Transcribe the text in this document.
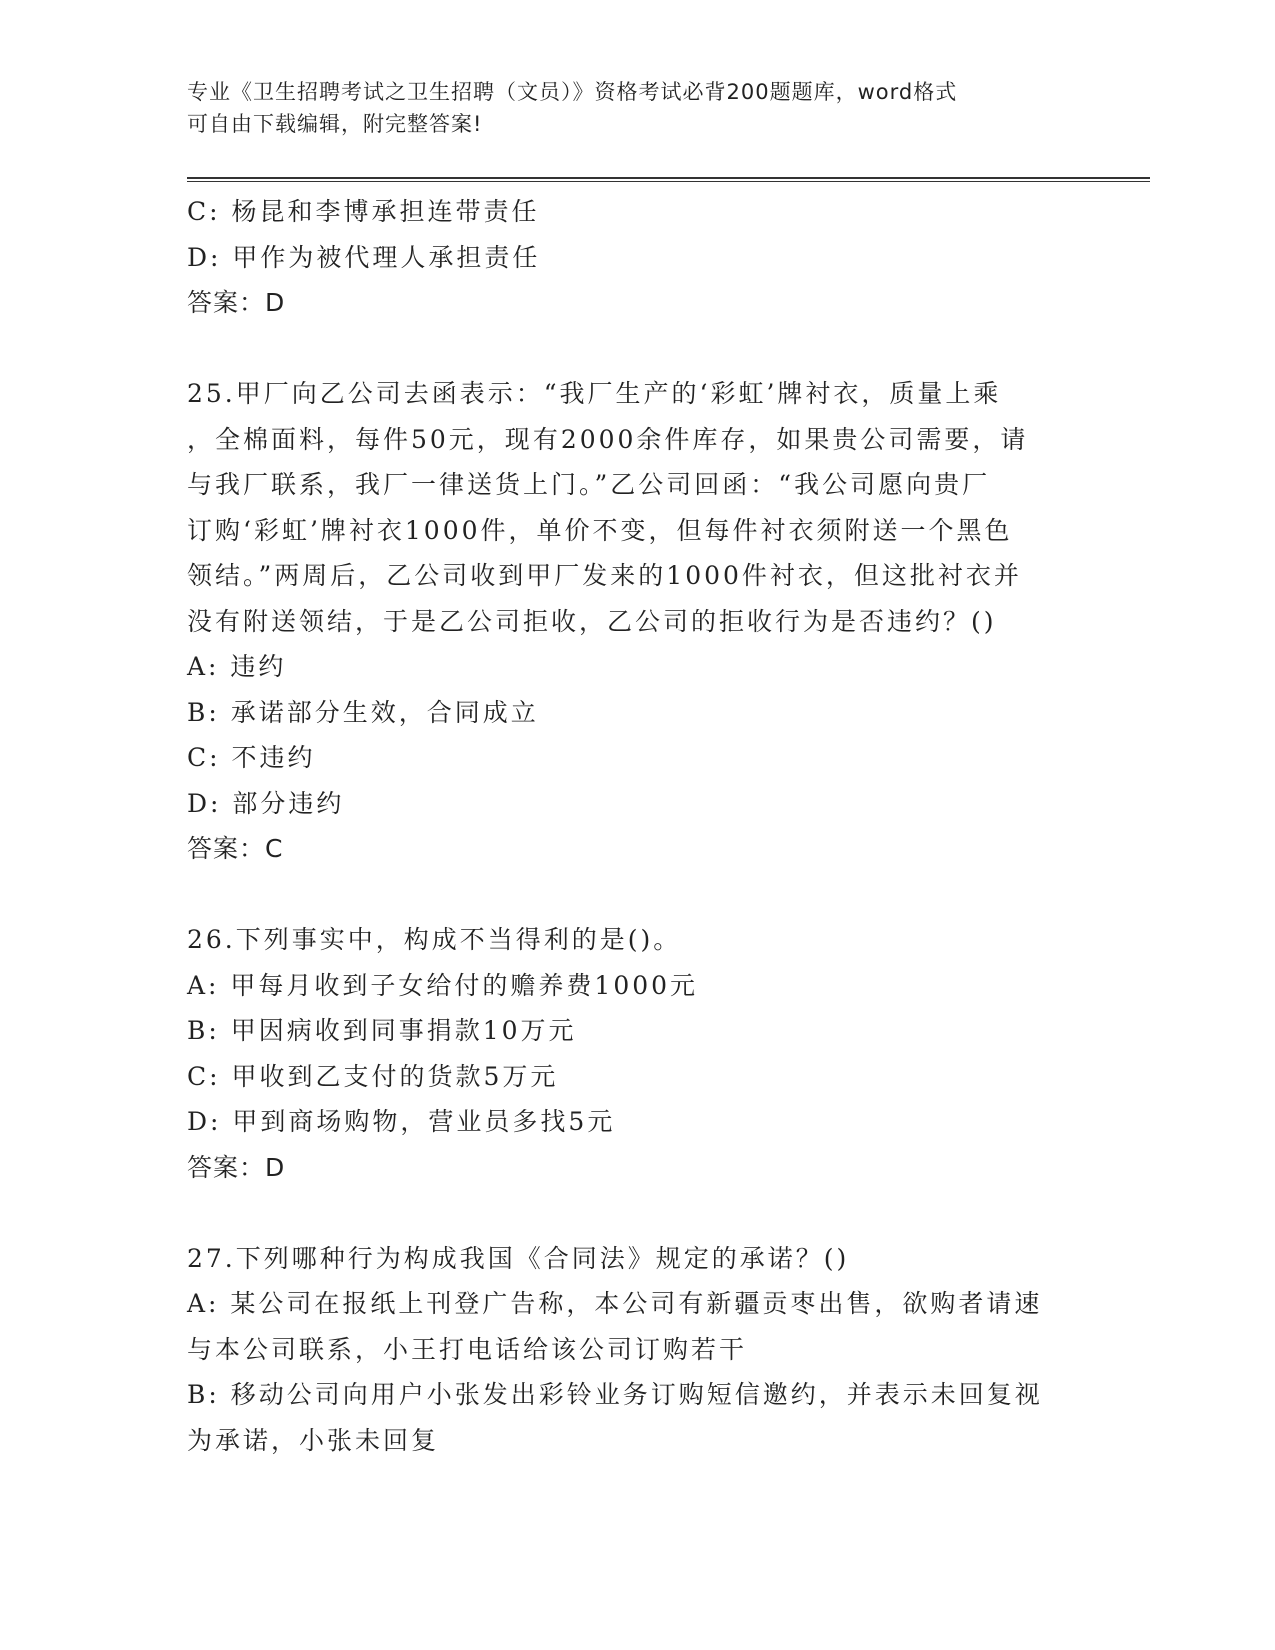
专业《卫生招聘考试之卫生招聘（文员）》资格考试必背200题题库，word格式
可自由下载编辑，附完整答案!
C: 杨昆和李博承担连带责任
D: 甲作为被代理人承担责任
答案：D
25.甲厂向乙公司去函表示：“我厂生产的‘彩虹’牌衬衣，质量上乘
，全棉面料，每件50元，现有2000余件库存，如果贵公司需要，请
与我厂联系，我厂一律送货上门。”乙公司回函：“我公司愿向贵厂
订购‘彩虹’牌衬衣1000件，单价不变，但每件衬衣须附送一个黑色
领结。”两周后，乙公司收到甲厂发来的1000件衬衣，但这批衬衣并
没有附送领结，于是乙公司拒收，乙公司的拒收行为是否违约？()
A: 违约
B: 承诺部分生效，合同成立
C: 不违约
D: 部分违约
答案：C
26.下列事实中，构成不当得利的是()。
A: 甲每月收到子女给付的赡养费1000元
B: 甲因病收到同事捐款10万元
C: 甲收到乙支付的货款5万元
D: 甲到商场购物，营业员多找5元
答案：D
27.下列哪种行为构成我国《合同法》规定的承诺？()
A: 某公司在报纸上刊登广告称，本公司有新疆贡枣出售，欲购者请速
与本公司联系，小王打电话给该公司订购若干
B: 移动公司向用户小张发出彩铃业务订购短信邀约，并表示未回复视
为承诺，小张未回复
